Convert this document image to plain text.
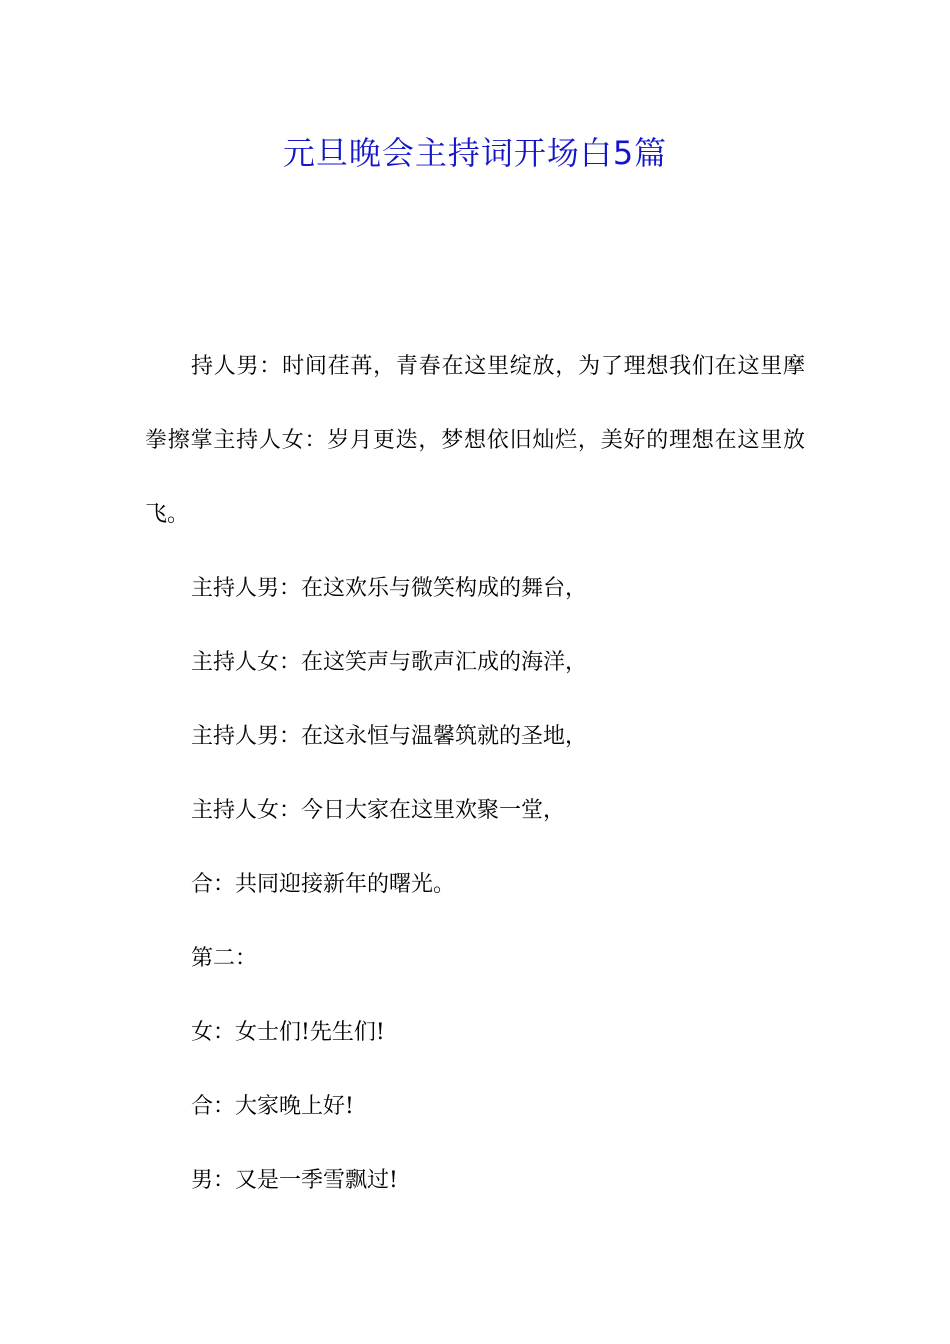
元旦晚会主持词开场白5篇

持人男：时间荏苒，青春在这里绽放，为了理想我们在这里摩拳擦掌主持人女：岁月更迭，梦想依旧灿烂，美好的理想在这里放飞。

主持人男：在这欢乐与微笑构成的舞台，

主持人女：在这笑声与歌声汇成的海洋，

主持人男：在这永恒与温馨筑就的圣地，

主持人女：今日大家在这里欢聚一堂，

合：共同迎接新年的曙光。

第二：

女：女士们!先生们!

合：大家晚上好!

男：又是一季雪飘过!
